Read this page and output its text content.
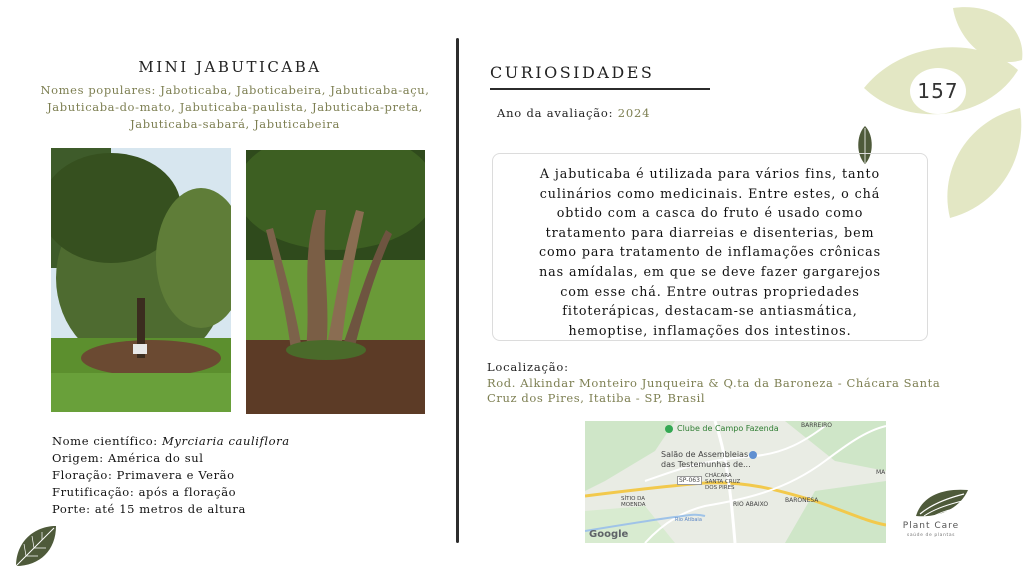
157
MINI JABUTICABA
Nomes populares: Jaboticaba, Jaboticabeira, Jabuticaba-açu, Jabuticaba-do-mato, Jabuticaba-paulista, Jabuticaba-preta, Jabuticaba-sabará, Jabuticabeira
Nome científico: Myrciaria cauliflora
Origem: América do sul
Floração: Primavera e Verão
Frutificação: após a floração
Porte: até 15 metros de altura
CURIOSIDADES
Ano da avaliação: 2024
A jabuticaba é utilizada para vários fins, tanto
culinários como medicinais. Entre estes, o chá
obtido com a casca do fruto é usado como
tratamento para diarreias e disenterias, bem
como para tratamento de inflamações crônicas
nas amídalas, em que se deve fazer gargarejos
com esse chá. Entre outras propriedades
fitoterápicas, destacam-se antiasmática,
hemoptise, inflamações dos intestinos.
Localização:
Rod. Alkindar Monteiro Junqueira & Q.ta da Baroneza - Chácara Santa
Cruz dos Pires, Itatiba - SP, Brasil
Clube de Campo Fazenda	BARREIRO
Salão de Assembleias
das Testemunhas de...
SP-063
CHÁCARA
SANTA CRUZ
DOS PIRES
BARONESA
SÍTIO DA
MOENDA	RIO ABAIXO
Rio Atibaia
MA
Google
Plant Care
saúde de plantas
